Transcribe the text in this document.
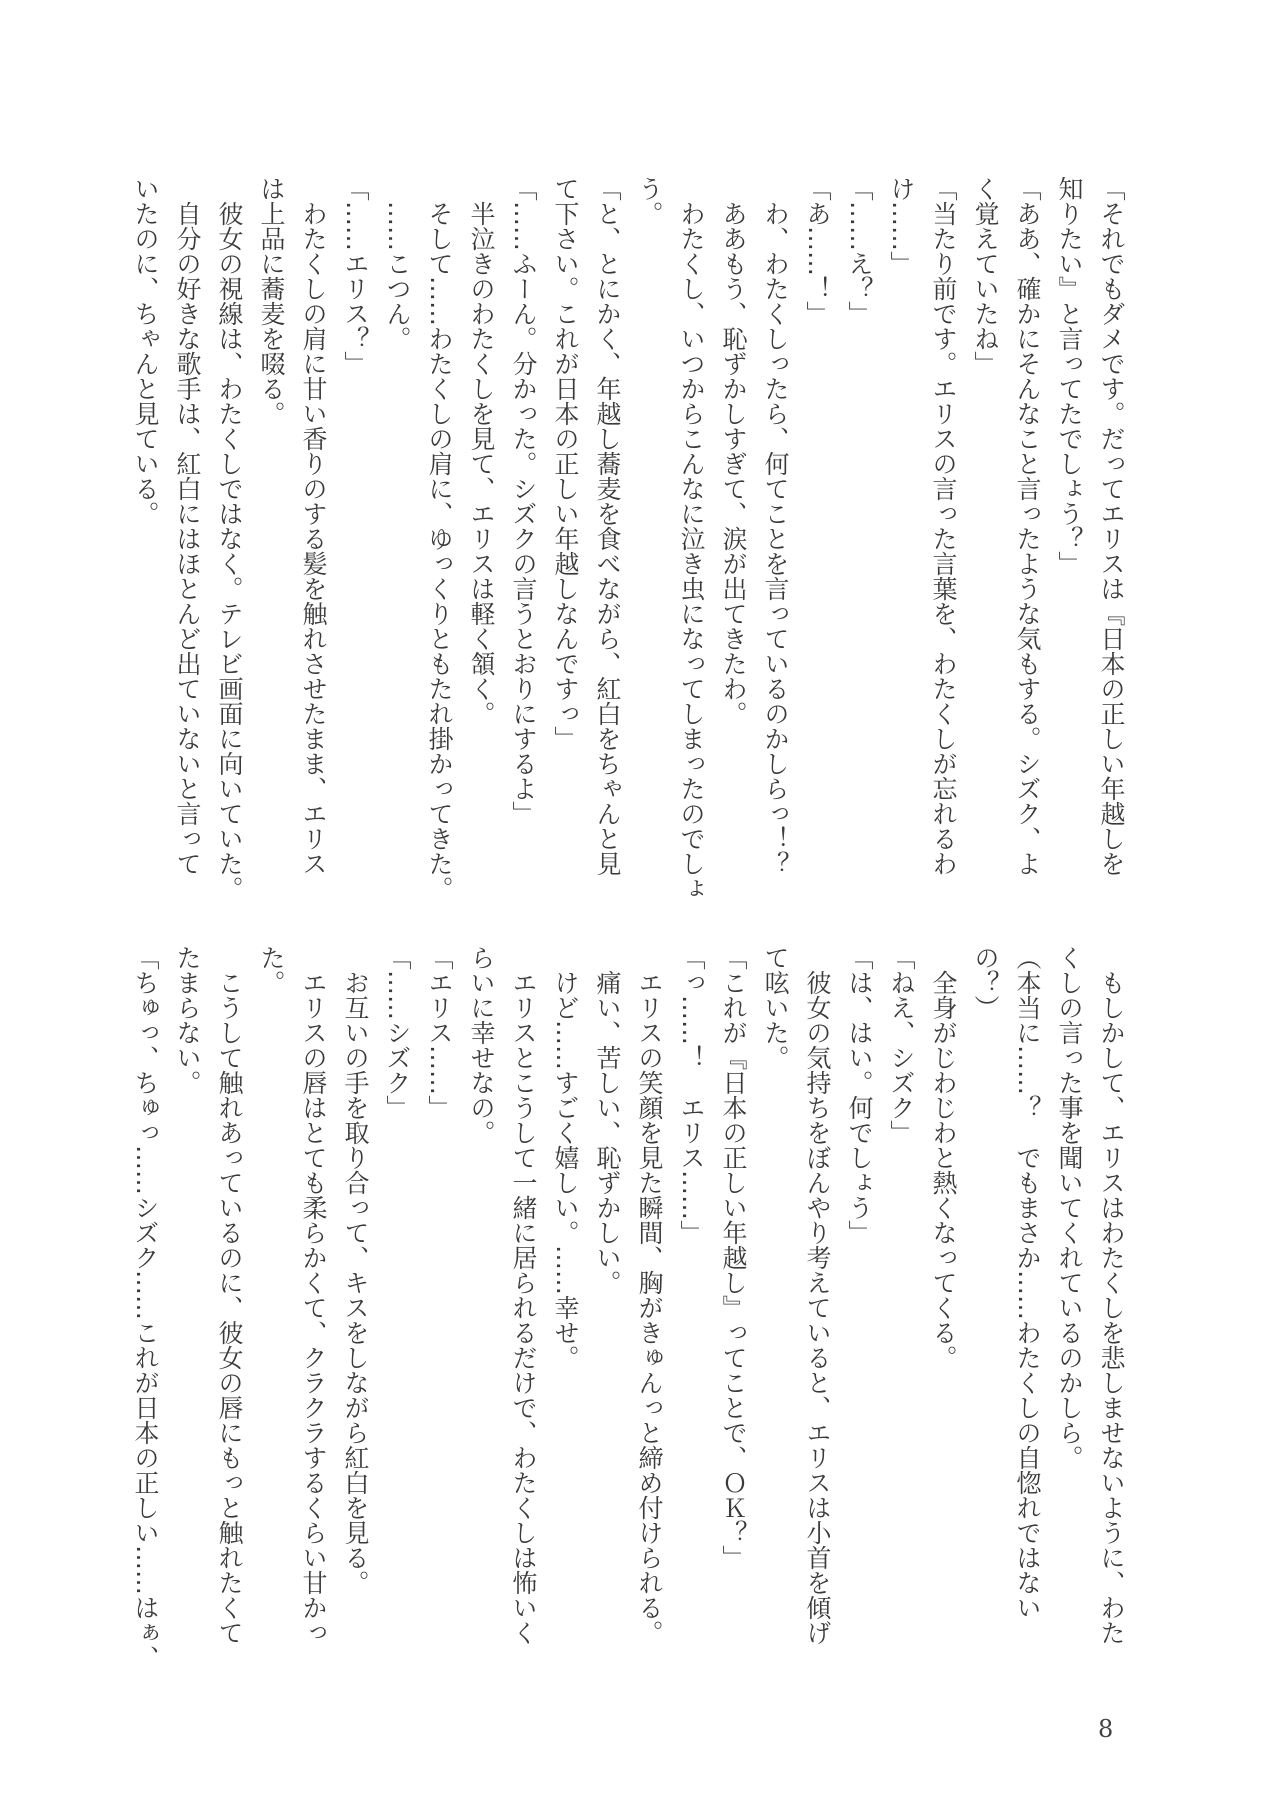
「それでもダメです。だってエリスは『日本の正しい年越しを
知りたい』と言ってたでしょう？」
「ああ、確かにそんなこと言ったような気もする。シズク、よ
く覚えていたね」
「当たり前です。エリスの言った言葉を、わたくしが忘れるわ
け……」
「……え？」
「あ……！」
　わ、わたくしったら、何てことを言っているのかしらっ！？
　ああもう、恥ずかしすぎて、涙が出てきたわ。
　わたくし、いつからこんなに泣き虫になってしまったのでしょ
う。
「と、とにかく、年越し蕎麦を食べながら、紅白をちゃんと見
て下さい。これが日本の正しい年越しなんですっ」
「……ふーん。分かった。シズクの言うとおりにするよ」
　半泣きのわたくしを見て、エリスは軽く頷く。
　そして……わたくしの肩に、ゆっくりともたれ掛かってきた。
　……こつん。
「……エリス？」
　わたくしの肩に甘い香りのする髪を触れさせたまま、エリス
は上品に蕎麦を啜る。
　彼女の視線は、わたくしではなく。テレビ画面に向いていた。
　自分の好きな歌手は、紅白にはほとんど出ていないと言って
いたのに、ちゃんと見ている。
　もしかして、エリスはわたくしを悲しませないように、わた
くしの言った事を聞いてくれているのかしら。
（本当に……？　でもまさか……わたくしの自惚れではない
の？）
　全身がじわじわと熱くなってくる。
「ねえ、シズク」
「は、はい。何でしょう」
　彼女の気持ちをぼんやり考えていると、エリスは小首を傾げ
て呟いた。
「これが『日本の正しい年越し』ってことで、ＯＫ？」
「っ……！　エリス……」
　エリスの笑顔を見た瞬間、胸がきゅんっと締め付けられる。
　痛い、苦しい、恥ずかしい。
　けど……すごく嬉しい。……幸せ。
　エリスとこうして一緒に居られるだけで、わたくしは怖いく
らいに幸せなの。
「エリス……」
「……シズク」
　お互いの手を取り合って、キスをしながら紅白を見る。
　エリスの唇はとても柔らかくて、クラクラするくらい甘かっ
た。
　こうして触れあっているのに、彼女の唇にもっと触れたくて
たまらない。
「ちゅっ、ちゅっ……シズク……これが日本の正しい……はぁ、
8
